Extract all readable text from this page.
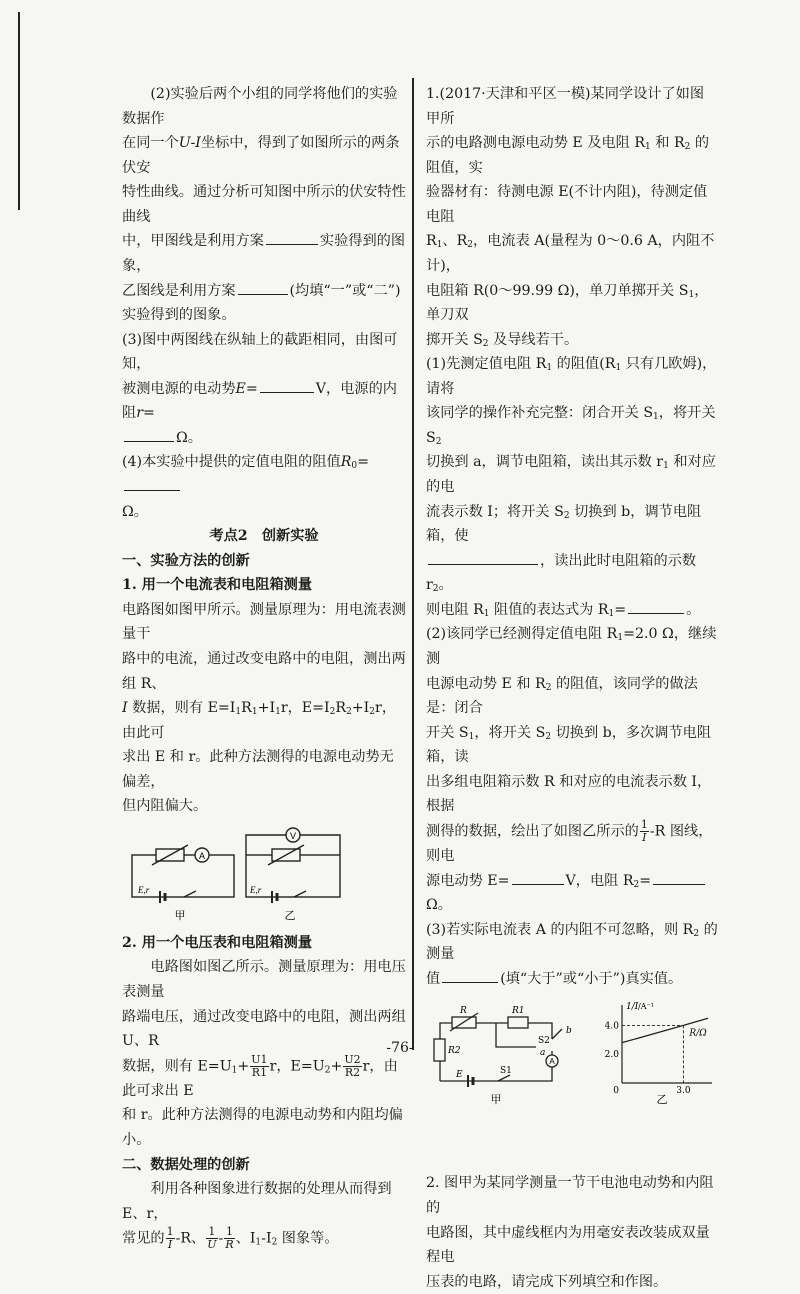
(2)实验后两个小组的同学将他们的实验数据作

在同一个U-I坐标中，得到了如图所示的两条伏安

特性曲线。通过分析可知图中所示的伏安特性曲线

中，甲图线是利用方案	实验得到的图象，

乙图线是利用方案	(均填“一”或“二”)

实验得到的图象。

(3)图中两图线在纵轴上的截距相同，由图可知，

被测电源的电动势E=	V，电源的内阻r=

Ω。

(4)本实验中提供的定值电阻的阻值$R_0=$

Ω。

考点2　创新实验

一、实验方法的创新

1. 用一个电流表和电阻箱测量

电路图如图甲所示。测量原理为：用电流表测量干

路中的电流，通过改变电路中的电阻，测出两组 R、

I 数据，则有 $E=I_1R_1+I_1r$，$E=I_2R_2+I_2r$，由此可

求出 E 和 r。此种方法测得的电源电动势无偏差，

但内阻偏大。

A
V
E,r	E,r
甲	乙

2. 用一个电压表和电阻箱测量

电路图如图乙所示。测量原理为：用电压表测量

路端电压，通过改变电路中的电阻，测出两组 U、R

数据，则有 $E=U_1+ \frac{U1}{R1}$ r，$E=U_2+ \frac{U2}{R2}$ r，由此可求出 E

和 r。此种方法测得的电源电动势和内阻均偏小。

二、数据处理的创新

利用各种图象进行数据的处理从而得到 E、r，

常见的 $\frac{1}{I} -R$、 $\frac{1}{U} - \frac{1}{R}$ 、$I_1-I_2$ 图象等。

1.(2017·天津和平区一模)某同学设计了如图甲所

示的电路测电源电动势 E 及电阻 $R_1$ 和 $R_2$ 的阻值，实

验器材有：待测电源 E(不计内阻)，待测定值电阻

$R_1$、$R_2$，电流表 A(量程为 0～0.6 A，内阻不计)，

电阻箱 R(0～99.99 Ω)，单刀单掷开关 $S_1$，单刀双

掷开关 $S_2$ 及导线若干。

(1)先测定值电阻 $R_1$ 的阻值($R_1$ 只有几欧姆)，请将

该同学的操作补充完整：闭合开关 $S_1$，将开关 $S_2$

切换到 a，调节电阻箱，读出其示数 $r_1$ 和对应的电

流表示数 I；将开关 $S_2$ 切换到 b，调节电阻箱，使

，读出此时电阻箱的示数 $r_2$。

则电阻 $R_1$ 阻值的表达式为 $R_1=$	。

(2)该同学已经测得定值电阻 $R_1=2.0$ Ω，继续测

电源电动势 E 和 $R_2$ 的阻值，该同学的做法是：闭合

开关 $S_1$，将开关 $S_2$ 切换到 b，多次调节电阻箱，读

出多组电阻箱示数 R 和对应的电流表示数 I，根据

测得的数据，绘出了如图乙所示的 $\frac{1}{I} -R$ 图线，则电

源电动势 E=	V，电阻 $R_2=\Omega$。

(3)若实际电流表 A 的内阻不可忽略，则 $R_2$ 的测量

值	(填“大于”或“小于”)真实值。

R	R1
R2
S2
a
b
A
E	S1
甲
4.0
2.0
3.0
0
1/I /A⁻¹
R/Ω
乙

2. 图甲为某同学测量一节干电池电动势和内阻的

电路图，其中虚线框内为用毫安表改装成双量程电

压表的电路，请完成下列填空和作图。

-76-
